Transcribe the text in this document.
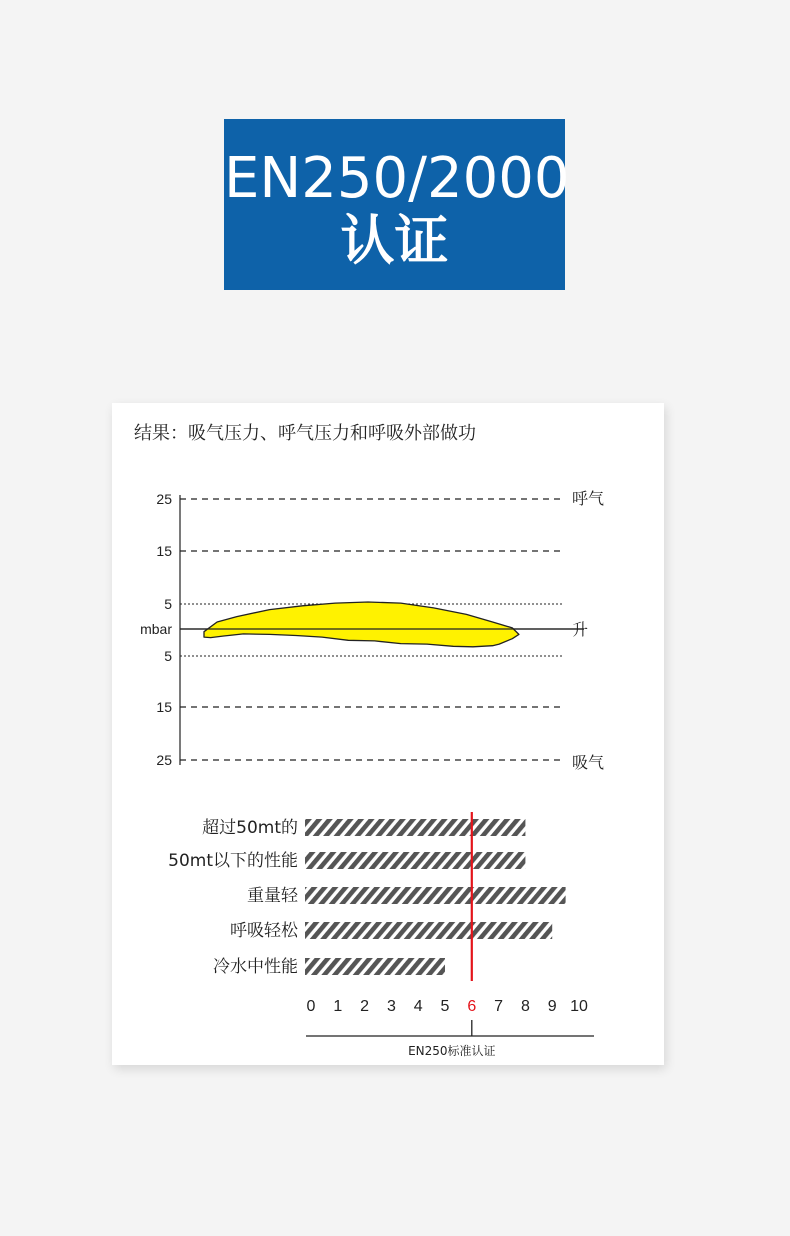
EN250/2000
认证
结果：吸气压力、呼气压力和呼吸外部做功
25
15
5
mbar
5
15
25
呼气
升
吸气
超过50mt的
50mt以下的性能
重量轻
呼吸轻松
冷水中性能
0 1 2 3 4 5 6 7 8 9 10
EN250标准认证
